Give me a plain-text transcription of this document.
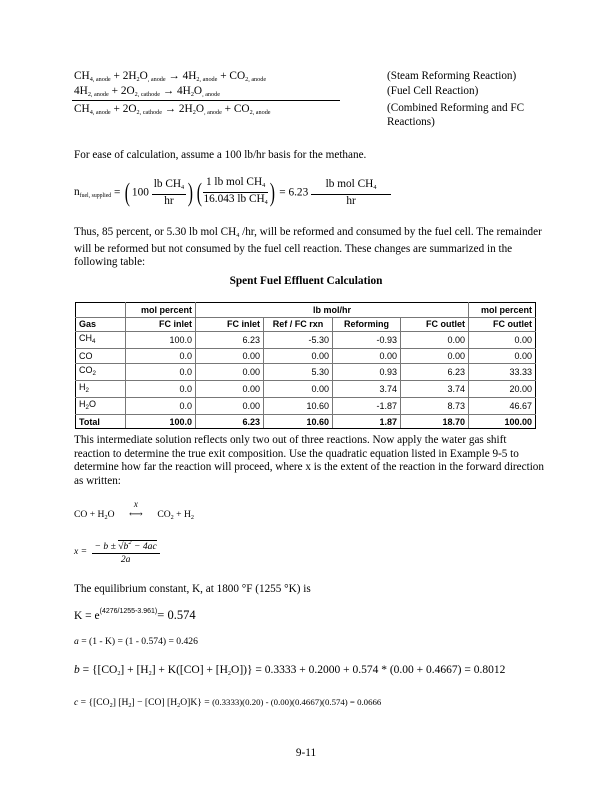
$CH_{4, anode} + 2H_2O_{, anode} \to 4H_{2, anode} + CO_{2, anode}$	(Steam Reforming Reaction)
$4H_{2, anode} + 2O_{2, cathode} \to 4H_2O_{, anode}$	(Fuel Cell Reaction)
$CH_{4, anode} + 2O_{2, cathode} \to 2H_2O_{, anode} + CO_{2, anode}$	(Combined Reforming and FC
Reactions)

For ease of calculation, assume a 100 lb/hr basis for the methane.

$n_{fuel, supplied}$ = ( $100 \frac{lb CH_4}{hr}$ ) ( $\frac{1 lb mol CH_4}{16.043 lb CH_4}$ ) = $6.23 \frac{lb mol CH_4}{hr}$

Thus, 85 percent, or 5.30 lb mol $CH_4$ /hr, will be reformed and consumed by the fuel cell. The remainder will be reformed but not consumed by the fuel cell reaction. These changes are summarized in the following table:

Spent Fuel Effluent Calculation
	mol percent	lb mol/hr				mol percent
Gas	FC inlet	FC inlet	Ref / FC rxn	Reforming	FC outlet	FC outlet
$CH_4$	100.0	6.23	-5.30	-0.93	0.00	0.00
CO	0.0	0.00	0.00	0.00	0.00	0.00
$CO_2$	0.0	0.00	5.30	0.93	6.23	33.33
$H_2$	0.0	0.00	0.00	3.74	3.74	20.00
$H_2O$	0.0	0.00	10.60	-1.87	8.73	46.67
Total	100.0	6.23	10.60	1.87	18.70	100.00

This intermediate solution reflects only two out of three reactions. Now apply the water gas shift reaction to determine the true exit composition. Use the quadratic equation listed in Example 9-5 to determine how far the reaction will proceed, where x is the extent of the reaction in the forward direction as written:

CO + $H_2O$
x
⟷ $CO_2 + H_2$
$x = \frac{- b \pm √b^2 - 4ac}{2a}$

The equilibrium constant, K, at 1800 °F (1255 °K) is

$K = e^{(4276/1255-3.961)}= 0.574$
a = (1 - K) = (1 - 0.574) = 0.426
$b = \{[CO_2] + [H_2] + K([CO] + [H_2O])\} = 0.3333 + 0.2000 + 0.574 * (0.00 + 0.4667) = 0.8012$
$c = \{[CO_2] [H_2] - [CO] [H_2O]K\} = (0.3333)(0.20) - (0.00)(0.4667)(0.574) = 0.0666$
9-11
